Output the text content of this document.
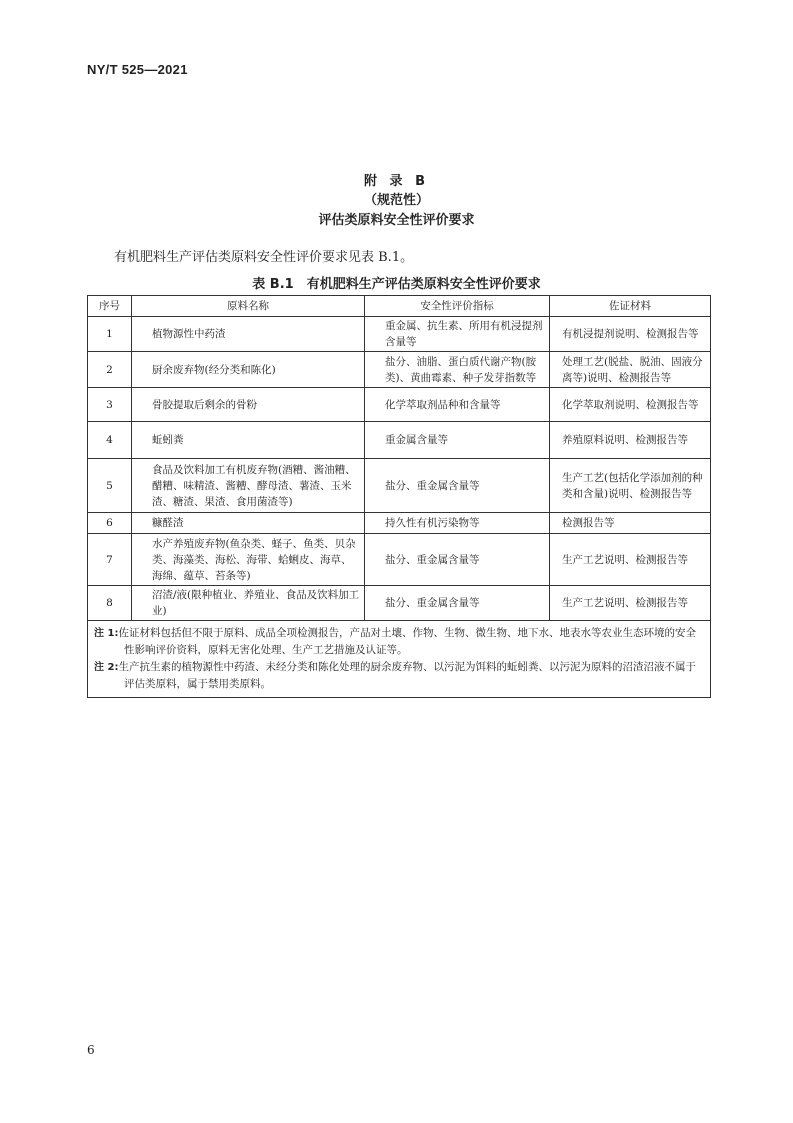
NY/T 525—2021
附 录 B
（规范性）
评估类原料安全性评价要求
有机肥料生产评估类原料安全性评价要求见表 B.1。
表 B.1　有机肥料生产评估类原料安全性评价要求
序号	原料名称	安全性评价指标	佐证材料
1	植物源性中药渣	重金属、抗生素、所用有机浸提剂含量等	有机浸提剂说明、检测报告等
2	厨余废弃物(经分类和陈化)	盐分、油脂、蛋白质代谢产物(胺类)、黄曲霉素、种子发芽指数等	处理工艺(脱盐、脱油、固液分离等)说明、检测报告等
3	骨胶提取后剩余的骨粉	化学萃取剂品种和含量等	化学萃取剂说明、检测报告等
4	蚯蚓粪	重金属含量等	养殖原料说明、检测报告等
5	食品及饮料加工有机废弃物(酒糟、酱油糟、醋糟、味精渣、酱糟、酵母渣、薯渣、玉米渣、糖渣、果渣、食用菌渣等)	盐分、重金属含量等	生产工艺(包括化学添加剂的种类和含量)说明、检测报告等
6	糠醛渣	持久性有机污染物等	检测报告等
7	水产养殖废弃物(鱼杂类、蛏子、鱼类、贝杂类、海藻类、海松、海带、蛤蜊皮、海草、海绵、蕴草、苔条等)	盐分、重金属含量等	生产工艺说明、检测报告等
8	沼渣/液(限种植业、养殖业、食品及饮料加工业)	盐分、重金属含量等	生产工艺说明、检测报告等

注 1:佐证材料包括但不限于原料、成品全项检测报告，产品对土壤、作物、生物、微生物、地下水、地表水等农业生态环境的安全性影响评价资料，原料无害化处理、生产工艺措施及认证等。
注 2:生产抗生素的植物源性中药渣、未经分类和陈化处理的厨余废弃物、以污泥为饵料的蚯蚓粪、以污泥为原料的沼渣沼液不属于评估类原料，属于禁用类原料。			
6
